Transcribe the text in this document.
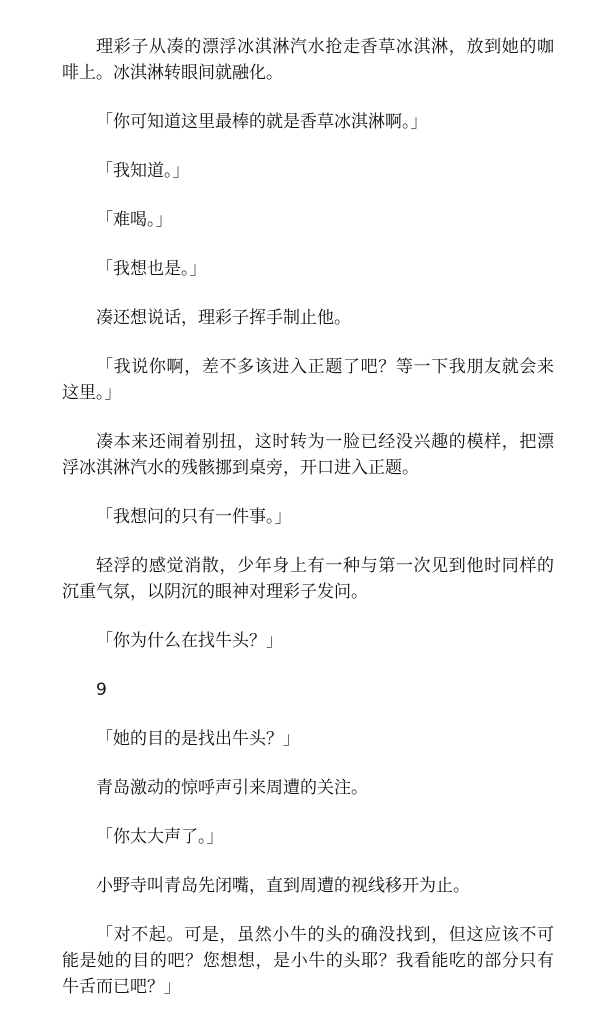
理彩子从凑的漂浮冰淇淋汽水抢走香草冰淇淋，放到她的咖啡上。冰淇淋转眼间就融化。

「你可知道这里最棒的就是香草冰淇淋啊。」

「我知道。」

「难喝。」

「我想也是。」

凑还想说话，理彩子挥手制止他。

「我说你啊，差不多该进入正题了吧？等一下我朋友就会来这里。」

凑本来还闹着别扭，这时转为一脸已经没兴趣的模样，把漂浮冰淇淋汽水的残骸挪到桌旁，开口进入正题。

「我想问的只有一件事。」

轻浮的感觉消散，少年身上有一种与第一次见到他时同样的沉重气氛，以阴沉的眼神对理彩子发问。

「你为什么在找牛头？」

9

「她的目的是找出牛头？」

青岛激动的惊呼声引来周遭的关注。

「你太大声了。」

小野寺叫青岛先闭嘴，直到周遭的视线移开为止。

「对不起。可是，虽然小牛的头的确没找到，但这应该不可能是她的目的吧？您想想，是小牛的头耶？我看能吃的部分只有牛舌而已吧？」
